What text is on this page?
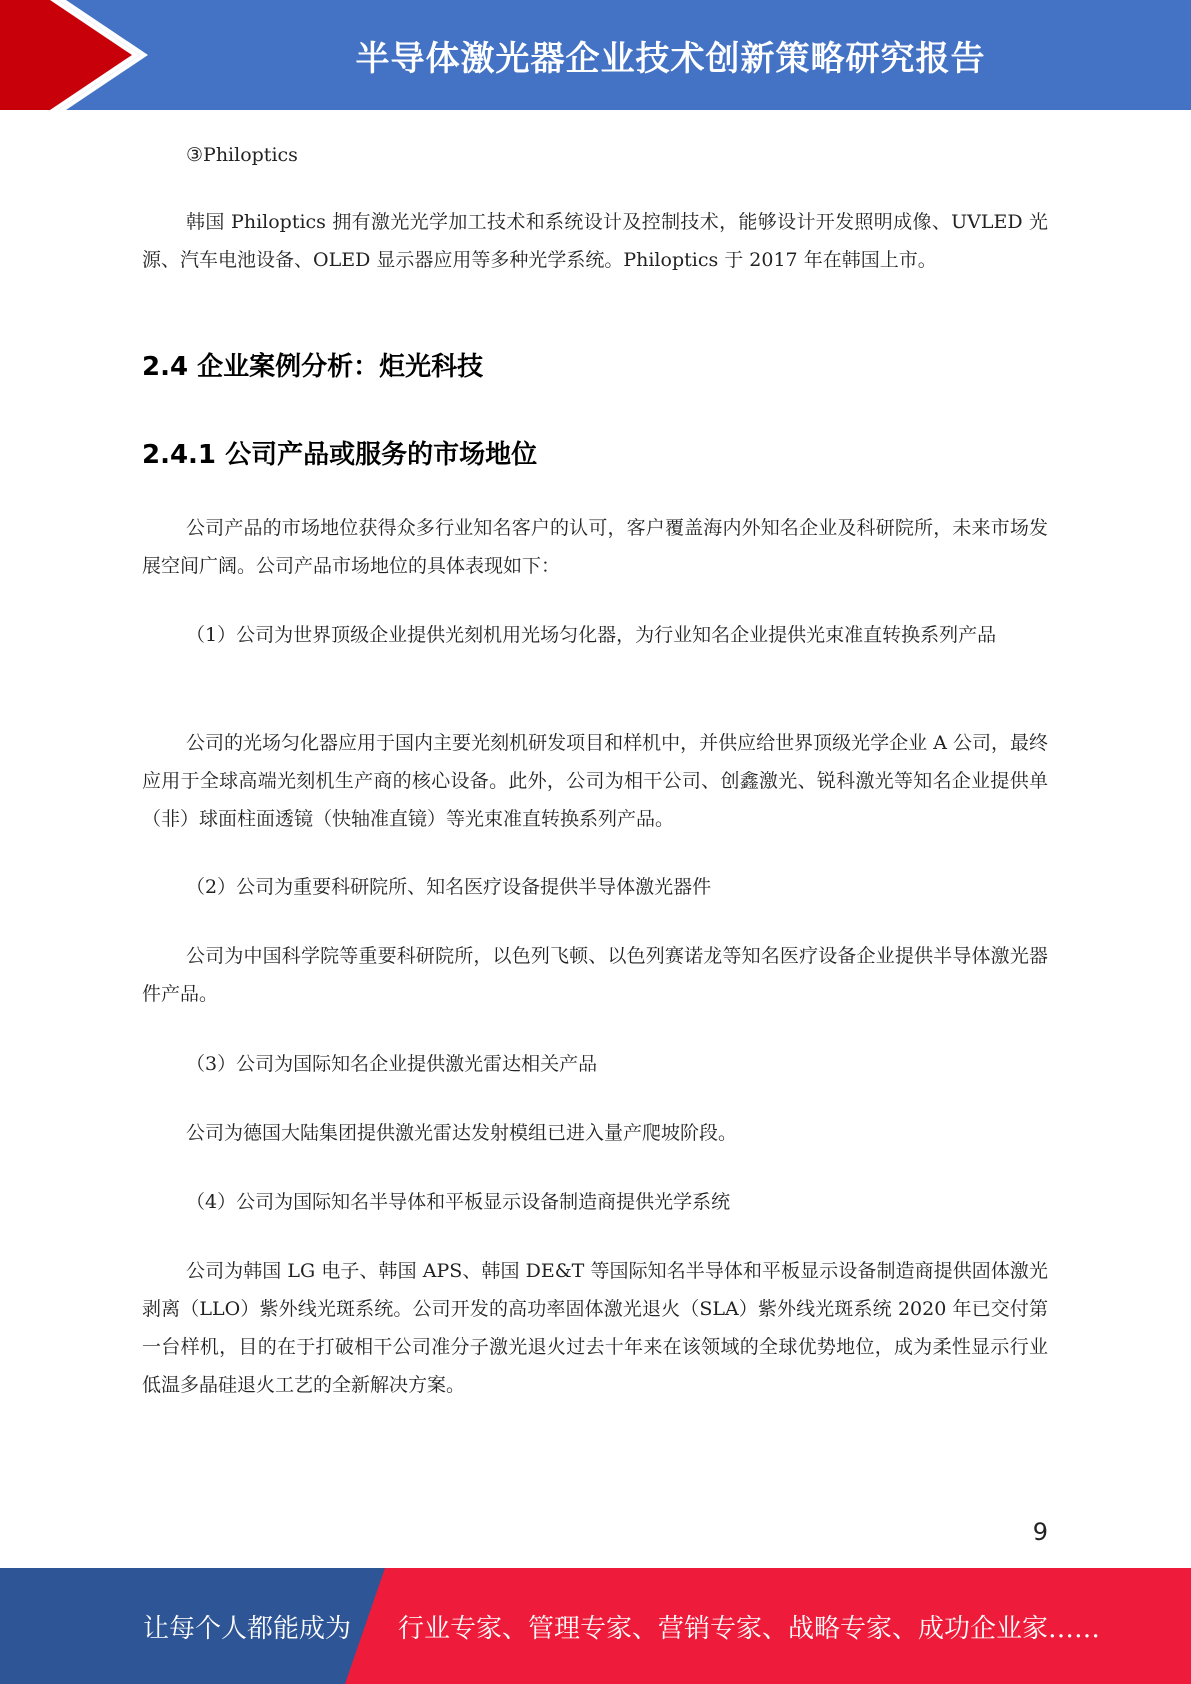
半导体激光器企业技术创新策略研究报告

③Philoptics

韩国 Philoptics 拥有激光光学加工技术和系统设计及控制技术，能够设计开发照明成像、UVLED 光源、汽车电池设备、OLED 显示器应用等多种光学系统。Philoptics 于 2017 年在韩国上市。

2.4 企业案例分析：炬光科技
2.4.1 公司产品或服务的市场地位

公司产品的市场地位获得众多行业知名客户的认可，客户覆盖海内外知名企业及科研院所，未来市场发展空间广阔。公司产品市场地位的具体表现如下：

（1）公司为世界顶级企业提供光刻机用光场匀化器，为行业知名企业提供光束准直转换系列产品

公司的光场匀化器应用于国内主要光刻机研发项目和样机中，并供应给世界顶级光学企业 A 公司，最终应用于全球高端光刻机生产商的核心设备。此外，公司为相干公司、创鑫激光、锐科激光等知名企业提供单（非）球面柱面透镜（快轴准直镜）等光束准直转换系列产品。

（2）公司为重要科研院所、知名医疗设备提供半导体激光器件

公司为中国科学院等重要科研院所，以色列飞顿、以色列赛诺龙等知名医疗设备企业提供半导体激光器件产品。

（3）公司为国际知名企业提供激光雷达相关产品

公司为德国大陆集团提供激光雷达发射模组已进入量产爬坡阶段。

（4）公司为国际知名半导体和平板显示设备制造商提供光学系统

公司为韩国 LG 电子、韩国 APS、韩国 DE&T 等国际知名半导体和平板显示设备制造商提供固体激光剥离（LLO）紫外线光斑系统。公司开发的高功率固体激光退火（SLA）紫外线光斑系统 2020 年已交付第一台样机，目的在于打破相干公司准分子激光退火过去十年来在该领域的全球优势地位，成为柔性显示行业低温多晶硅退火工艺的全新解决方案。

9
让每个人都能成为 行业专家、管理专家、营销专家、战略专家、成功企业家……
